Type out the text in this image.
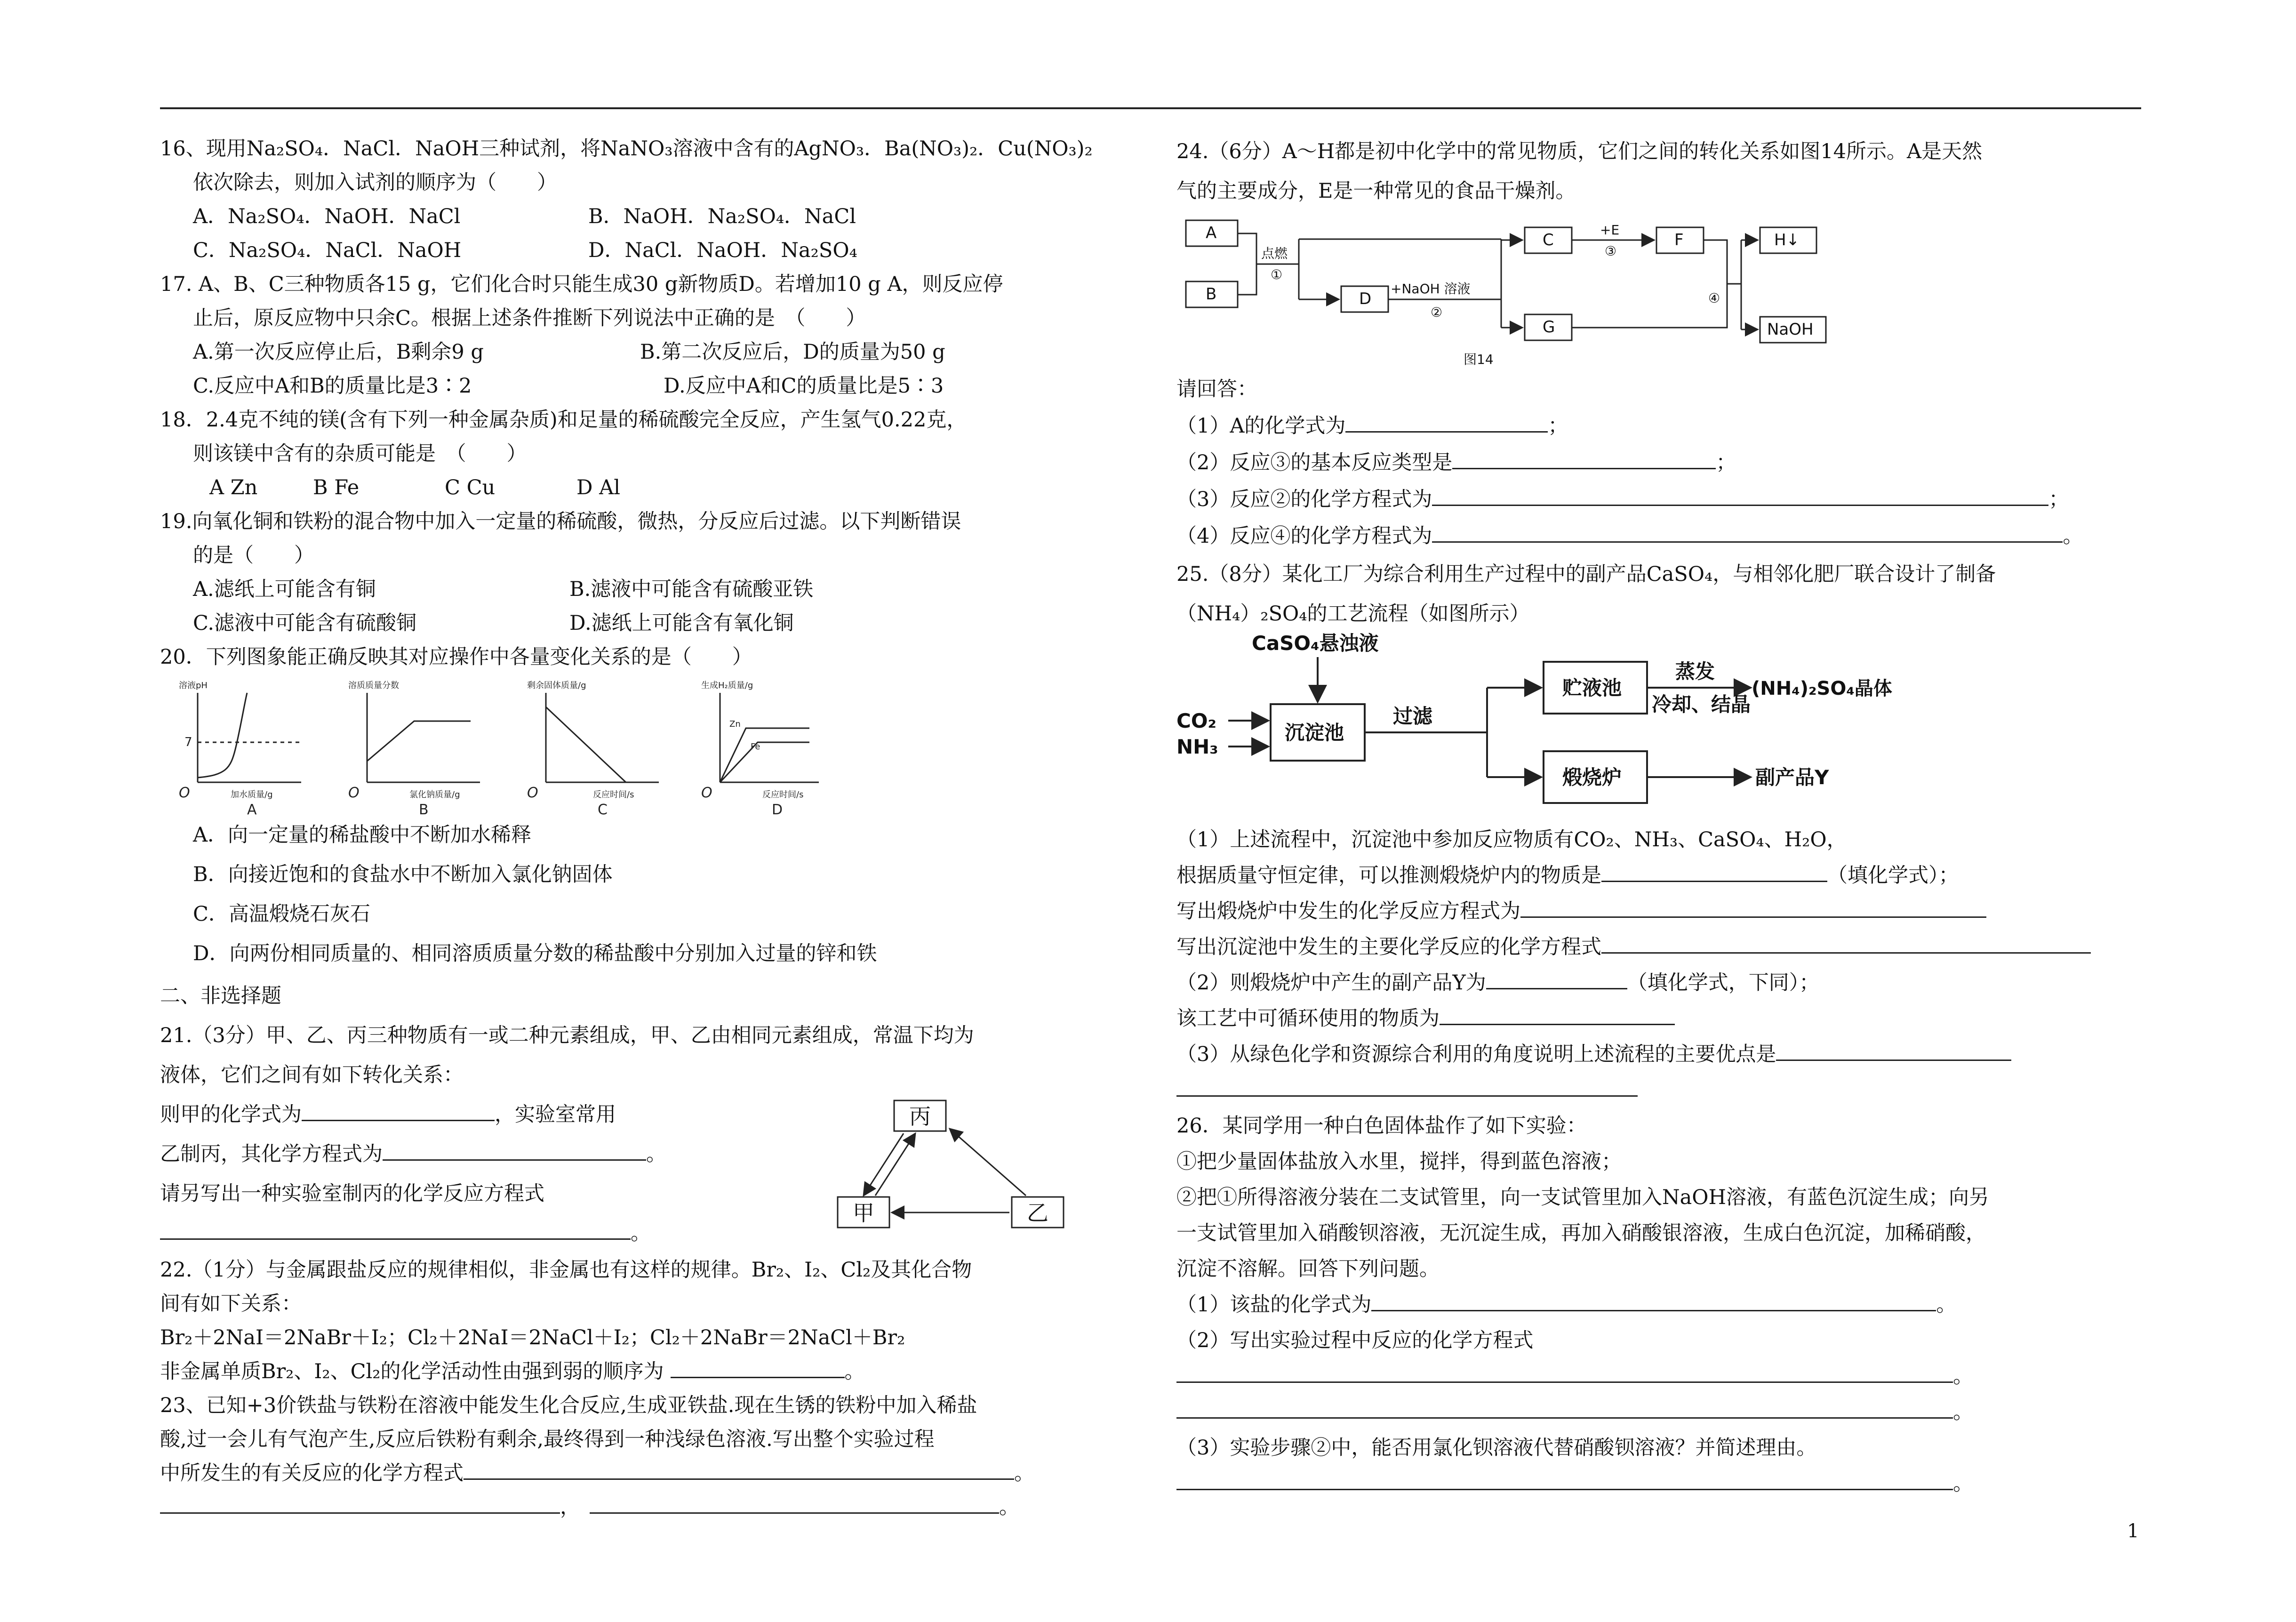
16、现用Na₂SO₄．NaCl．NaOH三种试剂，将NaNO₃溶液中含有的AgNO₃．Ba(NO₃)₂．Cu(NO₃)₂
依次除去，则加入试剂的顺序为（　　）
A．Na₂SO₄．NaOH．NaCl	B．NaOH．Na₂SO₄．NaCl
C．Na₂SO₄．NaCl．NaOH	D．NaCl．NaOH．Na₂SO₄
17. A、B、C三种物质各15 g，它们化合时只能生成30 g新物质D。若增加10 g A，则反应停
止后，原反应物中只余C。根据上述条件推断下列说法中正确的是　（　　）
A.第一次反应停止后，B剩余9 g	B.第二次反应后，D的质量为50 g
C.反应中A和B的质量比是3∶2	D.反应中A和C的质量比是5∶3
18．2.4克不纯的镁(含有下列一种金属杂质)和足量的稀硫酸完全反应，产生氢气0.22克，
则该镁中含有的杂质可能是　（　　）
A Zn	B Fe	C Cu	D Al
19.向氧化铜和铁粉的混合物中加入一定量的稀硫酸，微热，分反应后过滤。以下判断错误
的是（　　）
A.滤纸上可能含有铜	B.滤液中可能含有硫酸亚铁
C.滤液中可能含有硫酸铜	D.滤纸上可能含有氧化铜
20．下列图象能正确反映其对应操作中各量变化关系的是（　　）
溶液pH
7
加水质量/g
溶质质量分数
氯化钠质量/g
剩余固体质量/g
反应时间/s
生成H₂质量/g
Zn
Fe
反应时间/s
O	O	O	O
A	B	C	D
A．向一定量的稀盐酸中不断加水稀释
B．向接近饱和的食盐水中不断加入氯化钠固体
C．高温煅烧石灰石
D．向两份相同质量的、相同溶质质量分数的稀盐酸中分别加入过量的锌和铁
二、非选择题
21.（3分）甲、乙、丙三种物质有一或二种元素组成，甲、乙由相同元素组成，常温下均为
液体，它们之间有如下转化关系：
则甲的化学式为	，实验室常用
乙制丙，其化学方程式为	。
请另写出一种实验室制丙的化学反应方程式
。
丙
甲	乙
22.（1分）与金属跟盐反应的规律相似，非金属也有这样的规律。Br₂、I₂、Cl₂及其化合物
间有如下关系：
Br₂＋2NaI＝2NaBr＋I₂；Cl₂＋2NaI＝2NaCl＋I₂；Cl₂＋2NaBr＝2NaCl＋Br₂
非金属单质Br₂、I₂、Cl₂的化学活动性由强到弱的顺序为	。
23、已知+3价铁盐与铁粉在溶液中能发生化合反应,生成亚铁盐.现在生锈的铁粉中加入稀盐
酸,过一会儿有气泡产生,反应后铁粉有剩余,最终得到一种浅绿色溶液.写出整个实验过程
中所发生的有关反应的化学方程式	。
，	。
24.（6分）A～H都是初中化学中的常见物质，它们之间的转化关系如图14所示。A是天然
气的主要成分，E是一种常见的食品干燥剂。
A
B	D
C
G
F	H↓
NaOH
点燃
①
+NaOH 溶液
②
+E
③
④
图14
请回答：
（1）A的化学式为	；
（2）反应③的基本反应类型是	；
（3）反应②的化学方程式为	；
（4）反应④的化学方程式为	。
25.（8分）某化工厂为综合利用生产过程中的副产品CaSO₄，与相邻化肥厂联合设计了制备
（NH₄）₂SO₄的工艺流程（如图所示）
CaSO₄悬浊液
CO₂
NH₃
沉淀池
过滤
贮液池
煅烧炉
蒸发
冷却、结晶
(NH₄)₂SO₄晶体
副产品Y
（1）上述流程中，沉淀池中参加反应物质有CO₂、NH₃、CaSO₄、H₂O，
根据质量守恒定律，可以推测煅烧炉内的物质是	（填化学式）；
写出煅烧炉中发生的化学反应方程式为
写出沉淀池中发生的主要化学反应的化学方程式
（2）则煅烧炉中产生的副产品Y为	（填化学式，下同）；
该工艺中可循环使用的物质为
（3）从绿色化学和资源综合利用的角度说明上述流程的主要优点是
26．某同学用一种白色固体盐作了如下实验：
①把少量固体盐放入水里，搅拌，得到蓝色溶液；
②把①所得溶液分装在二支试管里，向一支试管里加入NaOH溶液，有蓝色沉淀生成；向另
一支试管里加入硝酸钡溶液，无沉淀生成，再加入硝酸银溶液，生成白色沉淀，加稀硝酸，
沉淀不溶解。回答下列问题。
（1）该盐的化学式为	。
（2）写出实验过程中反应的化学方程式
。
。
（3）实验步骤②中，能否用氯化钡溶液代替硝酸钡溶液？并简述理由。
。
1
